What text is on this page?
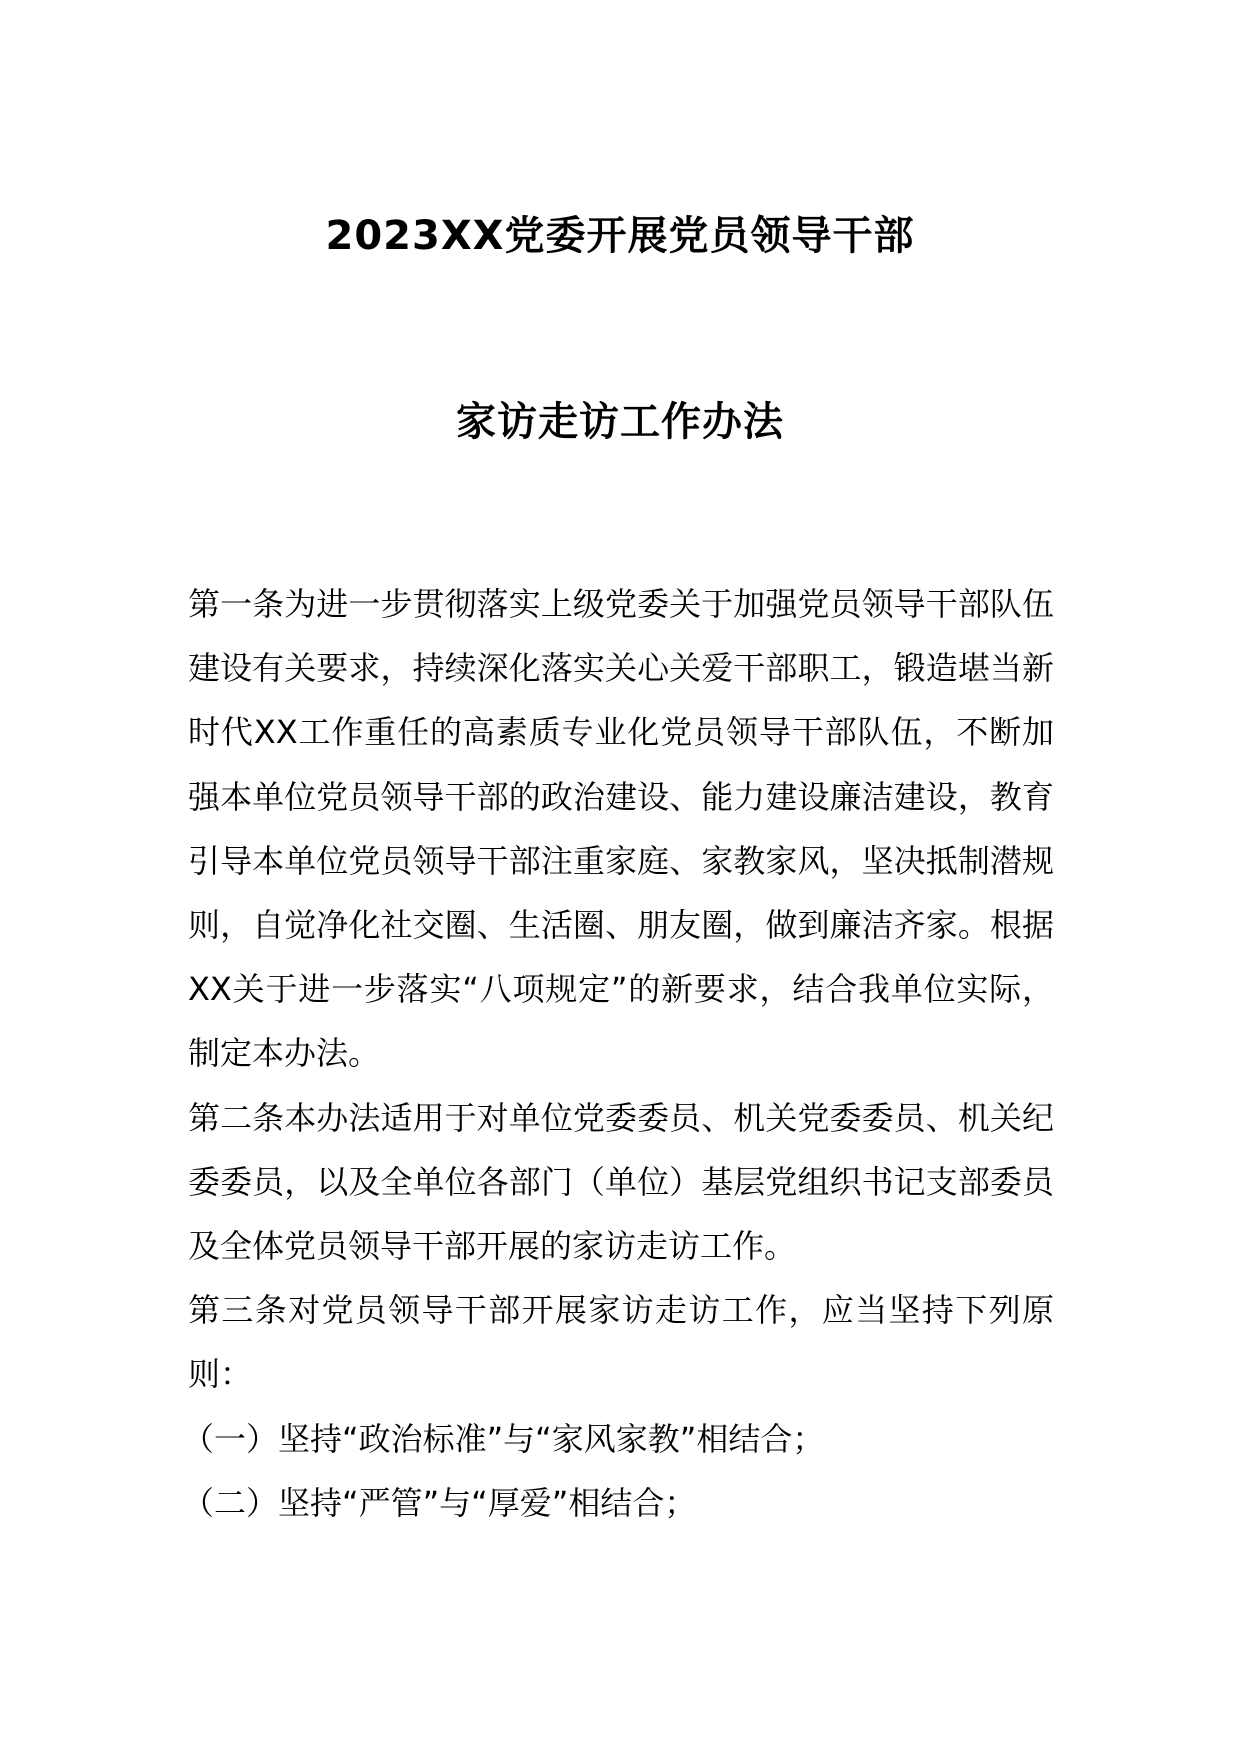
2023XX党委开展党员领导干部
家访走访工作办法

第一条为进一步贯彻落实上级党委关于加强党员领导干部队伍建设有关要求，持续深化落实关心关爱干部职工，锻造堪当新时代XX工作重任的高素质专业化党员领导干部队伍，不断加强本单位党员领导干部的政治建设、能力建设廉洁建设，教育引导本单位党员领导干部注重家庭、家教家风，坚决抵制潜规则，自觉净化社交圈、生活圈、朋友圈，做到廉洁齐家。根据XX关于进一步落实“八项规定”的新要求，结合我单位实际，制定本办法。

第二条本办法适用于对单位党委委员、机关党委委员、机关纪委委员，以及全单位各部门（单位）基层党组织书记支部委员及全体党员领导干部开展的家访走访工作。

第三条对党员领导干部开展家访走访工作，应当坚持下列原则：

（一）坚持“政治标准”与“家风家教”相结合；

（二）坚持“严管”与“厚爱”相结合；
